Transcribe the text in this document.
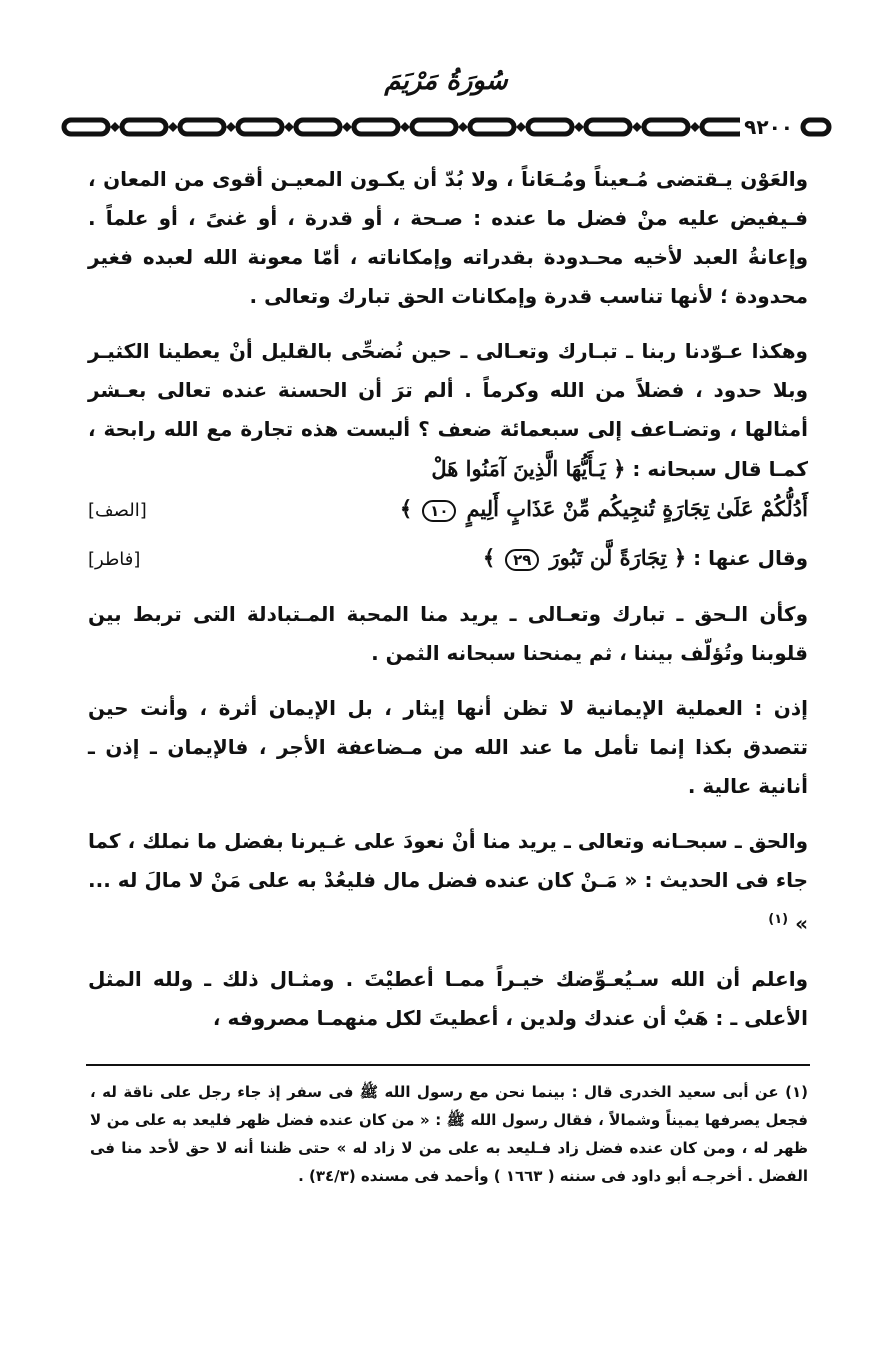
سُورَةُ مَرْيَمَ
٩٢٠٠

والعَوْن يـقتضى مُـعيناً ومُـعَاناً ، ولا بُدّ أن يكـون المعيـن أقوى من المعان ، فـيفيض عليه منْ فضل ما عنده : صـحة ، أو قدرة ، أو غنىً ، أو علماً . وإعانةُ العبد لأخيه محـدودة بقدراته وإمكاناته ، أمّا معونة الله لعبده فغير محدودة ؛ لأنها تناسب قدرة وإمكانات الحق تبارك وتعالى .

وهكذا عـوّدنا ربنا ـ تبـارك وتعـالى ـ حين نُضحِّى بالقليل أنْ يعطينا الكثيـر وبلا حدود ، فضلاً من الله وكرماً . ألم ترَ أن الحسنة عنده تعالى بعـشر أمثالها ، وتضـاعف إلى سبعمائة ضعف ؟ أليست هذه تجارة مع الله رابحة ، كمـا قال سبحانه : ﴿ يَـأَيُّهَا الَّذِينَ آمَنُوا هَلْ

أَدُلُّكُمْ عَلَىٰ تِجَارَةٍ تُنجِيكُم مِّنْ عَذَابٍ أَلِيمٍ ١٠ ﴾
[الصف]
وقال عنها : ﴿ تِجَارَةً لَّن تَبُورَ ٢٩ ﴾
[فاطر]

وكأن الـحق ـ تبارك وتعـالى ـ يريد منا المحبة المـتبادلة التى تربط بين قلوبنا وتُؤلّف بيننا ، ثم يمنحنا سبحانه الثمن .

إذن : العملية الإيمانية لا تظن أنها إيثار ، بل الإيمان أثرة ، وأنت حين تتصدق بكذا إنما تأمل ما عند الله من مـضاعفة الأجر ، فالإيمان ـ إذن ـ أنانية عالية .

والحق ـ سبحـانه وتعالى ـ يريد منا أنْ نعودَ على غـيرنا بفضل ما نملك ، كما جاء فى الحديث : « مَـنْ كان عنده فضل مال فليعُدْ به على مَنْ لا مالَ له ... » $^{(١)}$

واعلم أن الله سـيُعـوِّضك خيـراً ممـا أعطيْتَ . ومثـال ذلك ـ ولله المثل الأعلى ـ : هَبْ أن عندك ولدين ، أعطيتَ لكل منهمـا مصروفه ،

(١) عن أبى سعيد الخدرى قال : بينما نحن مع رسول الله ﷺ فى سفر إذ جاء رجل على ناقة له ، فجعل يصرفها يميناً وشمالاً ، فقال رسول الله ﷺ : « من كان عنده فضل ظهر فليعد به على من لا ظهر له ، ومن كان عنده فضل زاد فـليعد به على من لا زاد له » حتى ظننا أنه لا حق لأحد منا فى الفضل . أخرجـه أبو داود فى سننه ( ١٦٦٣ ) وأحمد فى مسنده (٣٤/٣) .
